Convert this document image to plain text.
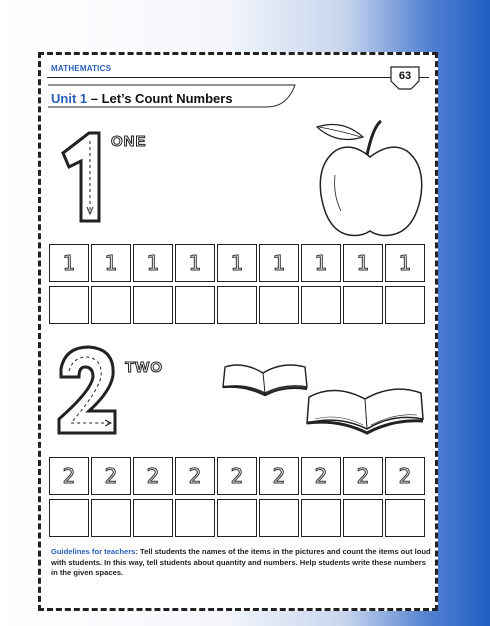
MATHEMATICS
63
Unit 1 – Let’s Count Numbers
ONE
1 1 1 1 1 1 1 1 1
TWO
2 2 2 2 2 2 2 2 2
Guidelines for teachers: Tell students the names of the items in the pictures and count the items out loud with students. In this way, tell students about quantity and numbers. Help students write these numbers in the given spaces.
